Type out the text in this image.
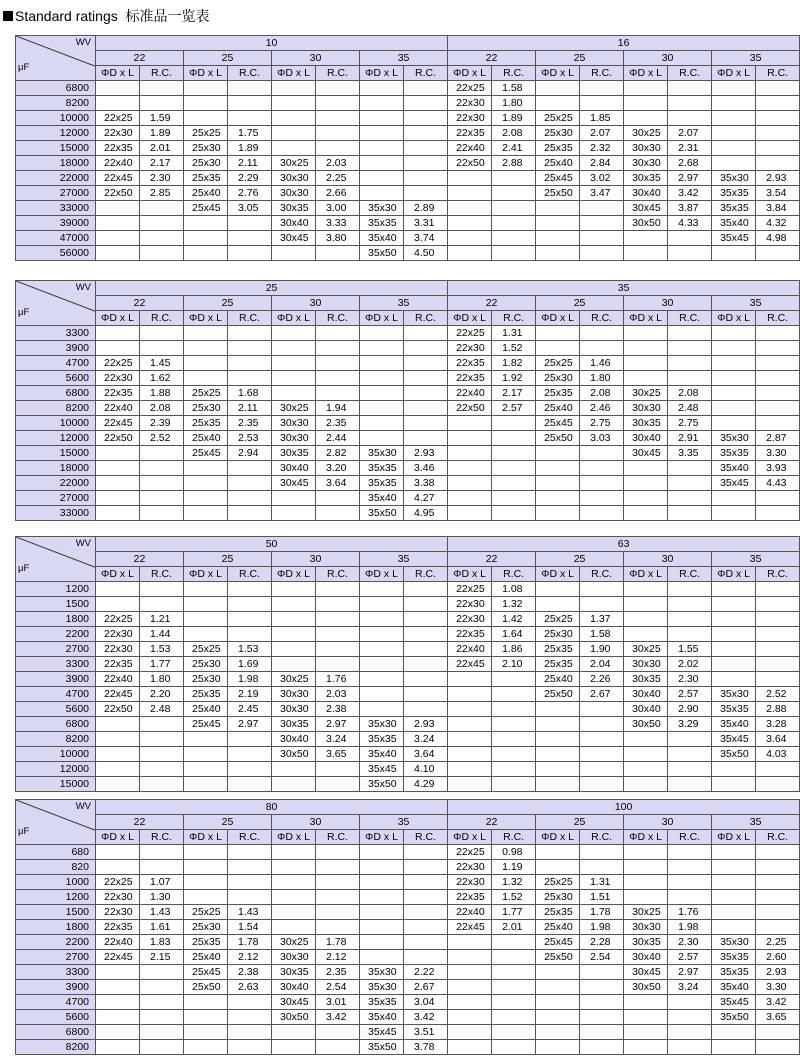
Standard ratings 标准品一览表
WV
μF	10								16							
	22		25		30		35		22		25		30		35	
	ΦD x L	R.C.	ΦD x L	R.C.	ΦD x L	R.C.	ΦD x L	R.C.	ΦD x L	R.C.	ΦD x L	R.C.	ΦD x L	R.C.	ΦD x L	R.C.
6800									22x25	1.58						
8200									22x30	1.80						
10000	22x25	1.59							22x30	1.89	25x25	1.85				
12000	22x30	1.89	25x25	1.75					22x35	2.08	25x30	2.07	30x25	2.07		
15000	22x35	2.01	25x30	1.89					22x40	2.41	25x35	2.32	30x30	2.31		
18000	22x40	2.17	25x30	2.11	30x25	2.03			22x50	2.88	25x40	2.84	30x30	2.68		
22000	22x45	2.30	25x35	2.29	30x30	2.25					25x45	3.02	30x35	2.97	35x30	2.93
27000	22x50	2.85	25x40	2.76	30x30	2.66					25x50	3.47	30x40	3.42	35x35	3.54
33000			25x45	3.05	30x35	3.00	35x30	2.89					30x45	3.87	35x35	3.84
39000					30x40	3.33	35x35	3.31					30x50	4.33	35x40	4.32
47000					30x45	3.80	35x40	3.74							35x45	4.98
56000							35x50	4.50								
WV
μF	25								35							
	22		25		30		35		22		25		30		35	
	ΦD x L	R.C.	ΦD x L	R.C.	ΦD x L	R.C.	ΦD x L	R.C.	ΦD x L	R.C.	ΦD x L	R.C.	ΦD x L	R.C.	ΦD x L	R.C.
3300									22x25	1.31						
3900									22x30	1.52						
4700	22x25	1.45							22x35	1.82	25x25	1.46				
5600	22x30	1.62							22x35	1.92	25x30	1.80				
6800	22x35	1.88	25x25	1.68					22x40	2.17	25x35	2.08	30x25	2.08		
8200	22x40	2.08	25x30	2.11	30x25	1.94			22x50	2.57	25x40	2.46	30x30	2.48		
10000	22x45	2.39	25x35	2.35	30x30	2.35					25x45	2.75	30x35	2.75		
12000	22x50	2.52	25x40	2.53	30x30	2.44					25x50	3.03	30x40	2.91	35x30	2.87
15000			25x45	2.94	30x35	2.82	35x30	2.93					30x45	3.35	35x35	3.30
18000					30x40	3.20	35x35	3.46							35x40	3.93
22000					30x45	3.64	35x35	3.38							35x45	4.43
27000							35x40	4.27								
33000							35x50	4.95								
WV
μF	50								63							
	22		25		30		35		22		25		30		35	
	ΦD x L	R.C.	ΦD x L	R.C.	ΦD x L	R.C.	ΦD x L	R.C.	ΦD x L	R.C.	ΦD x L	R.C.	ΦD x L	R.C.	ΦD x L	R.C.
1200									22x25	1.08						
1500									22x30	1.32						
1800	22x25	1.21							22x30	1.42	25x25	1.37				
2200	22x30	1.44							22x35	1.64	25x30	1.58				
2700	22x30	1.53	25x25	1.53					22x40	1.86	25x35	1.90	30x25	1.55		
3300	22x35	1.77	25x30	1.69					22x45	2.10	25x35	2.04	30x30	2.02		
3900	22x40	1.80	25x30	1.98	30x25	1.76					25x40	2.26	30x35	2.30		
4700	22x45	2.20	25x35	2.19	30x30	2.03					25x50	2.67	30x40	2.57	35x30	2.52
5600	22x50	2.48	25x40	2.45	30x30	2.38							30x40	2.90	35x35	2.88
6800			25x45	2.97	30x35	2.97	35x30	2.93					30x50	3.29	35x40	3.28
8200					30x40	3.24	35x35	3.24							35x45	3.64
10000					30x50	3.65	35x40	3.64							35x50	4.03
12000							35x45	4.10								
15000							35x50	4.29								
WV
μF	80								100							
	22		25		30		35		22		25		30		35	
	ΦD x L	R.C.	ΦD x L	R.C.	ΦD x L	R.C.	ΦD x L	R.C.	ΦD x L	R.C.	ΦD x L	R.C.	ΦD x L	R.C.	ΦD x L	R.C.
680									22x25	0.98						
820									22x30	1.19						
1000	22x25	1.07							22x30	1.32	25x25	1.31				
1200	22x30	1.30							22x35	1.52	25x30	1.51				
1500	22x30	1.43	25x25	1.43					22x40	1.77	25x35	1.78	30x25	1.76		
1800	22x35	1.61	25x30	1.54					22x45	2.01	25x40	1.98	30x30	1.98		
2200	22x40	1.83	25x35	1.78	30x25	1.78					25x45	2.28	30x35	2.30	35x30	2.25
2700	22x45	2.15	25x40	2.12	30x30	2.12					25x50	2.54	30x40	2.57	35x35	2.60
3300			25x45	2.38	30x35	2.35	35x30	2.22					30x45	2.97	35x35	2.93
3900			25x50	2.63	30x40	2.54	35x30	2.67					30x50	3.24	35x40	3.30
4700					30x45	3.01	35x35	3.04							35x45	3.42
5600					30x50	3.42	35x40	3.42							35x50	3.65
6800							35x45	3.51								
8200							35x50	3.78								
